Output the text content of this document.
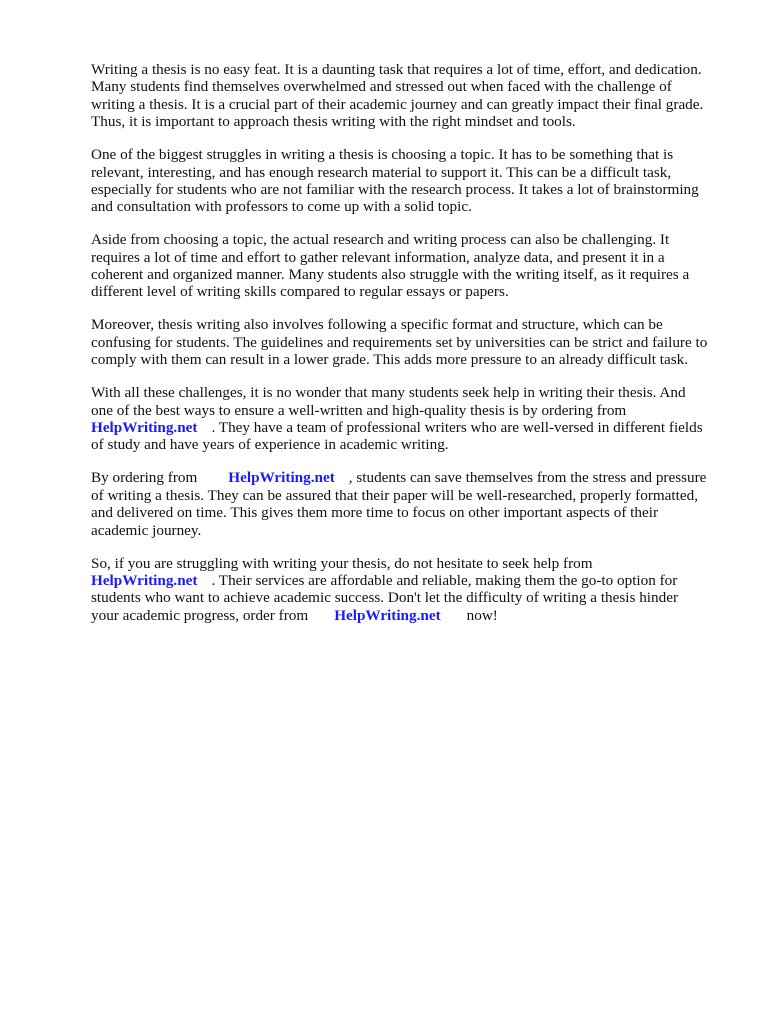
Writing a thesis is no easy feat. It is a daunting task that requires a lot of time, effort, and dedication.
Many students find themselves overwhelmed and stressed out when faced with the challenge of
writing a thesis. It is a crucial part of their academic journey and can greatly impact their final grade.
Thus, it is important to approach thesis writing with the right mindset and tools.

One of the biggest struggles in writing a thesis is choosing a topic. It has to be something that is
relevant, interesting, and has enough research material to support it. This can be a difficult task,
especially for students who are not familiar with the research process. It takes a lot of brainstorming
and consultation with professors to come up with a solid topic.

Aside from choosing a topic, the actual research and writing process can also be challenging. It
requires a lot of time and effort to gather relevant information, analyze data, and present it in a
coherent and organized manner. Many students also struggle with the writing itself, as it requires a
different level of writing skills compared to regular essays or papers.

Moreover, thesis writing also involves following a specific format and structure, which can be
confusing for students. The guidelines and requirements set by universities can be strict and failure to
comply with them can result in a lower grade. This adds more pressure to an already difficult task.

With all these challenges, it is no wonder that many students seek help in writing their thesis. And
one of the best ways to ensure a well-written and high-quality thesis is by ordering from
HelpWriting.net . They have a team of professional writers who are well-versed in different fields
of study and have years of experience in academic writing.

By ordering from HelpWriting.net , students can save themselves from the stress and pressure
of writing a thesis. They can be assured that their paper will be well-researched, properly formatted,
and delivered on time. This gives them more time to focus on other important aspects of their
academic journey.

So, if you are struggling with writing your thesis, do not hesitate to seek help from
HelpWriting.net . Their services are affordable and reliable, making them the go-to option for
students who want to achieve academic success. Don't let the difficulty of writing a thesis hinder
your academic progress, order from HelpWriting.net now!
